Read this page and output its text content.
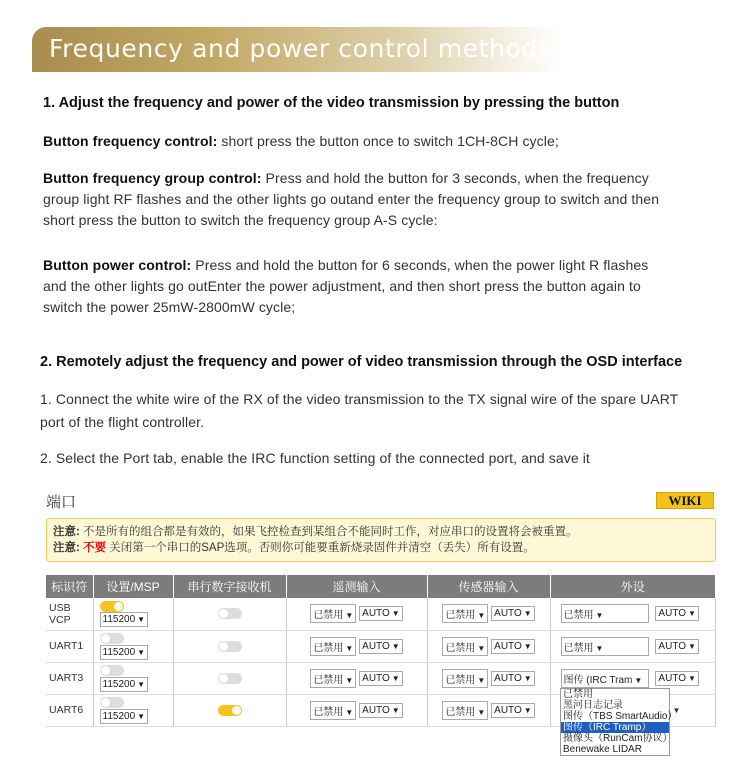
Frequency and power control methods
1. Adjust the frequency and power of the video transmission by pressing the button
Button frequency control: short press the button once to switch 1CH-8CH cycle;
Button frequency group control: Press and hold the button for 3 seconds, when the frequency group light RF flashes and the other lights go outand enter the frequency group to switch and then short press the button to switch the frequency group A-S cycle:
Button power control: Press and hold the button for 6 seconds, when the power light R flashes and the other lights go outEnter the power adjustment, and then short press the button again to switch the power 25mW-2800mW cycle;
2. Remotely adjust the frequency and power of video transmission through the OSD interface
1. Connect the white wire of the RX of the video transmission to the TX signal wire of the spare UART port of the flight controller.
2. Select the Port tab, enable the IRC function setting of the connected port, and save it
端口	WIKI
注意: 不是所有的组合都是有效的，如果飞控检查到某组合不能同时工作，对应串口的设置将会被重置。
注意: 不要 关闭第一个串口的SAP选项。否则你可能要重新烧录固件并清空（丢失）所有设置。
标识符	设置/MSP	串行数字接收机	遥测输入	传感器输入	外设
USB VCP	115200 ▼		已禁用 ▼ AUTO ▼	已禁用 ▼ AUTO ▼	已禁用 ▼ AUTO ▼
UART1	115200 ▼		已禁用 ▼ AUTO ▼	已禁用 ▼ AUTO ▼	已禁用 ▼ AUTO ▼
UART3	115200 ▼		已禁用 ▼ AUTO ▼	已禁用 ▼ AUTO ▼	图传 (IRC Tram ▼ AUTO ▼
UART6	115200 ▼		已禁用 ▼ AUTO ▼	已禁用 ▼ AUTO ▼	▼
已禁用
黑河日志记录
图传（TBS SmartAudio）
图传（IRC Tramp）
摄像头（RunCam协议）
Benewake LIDAR
